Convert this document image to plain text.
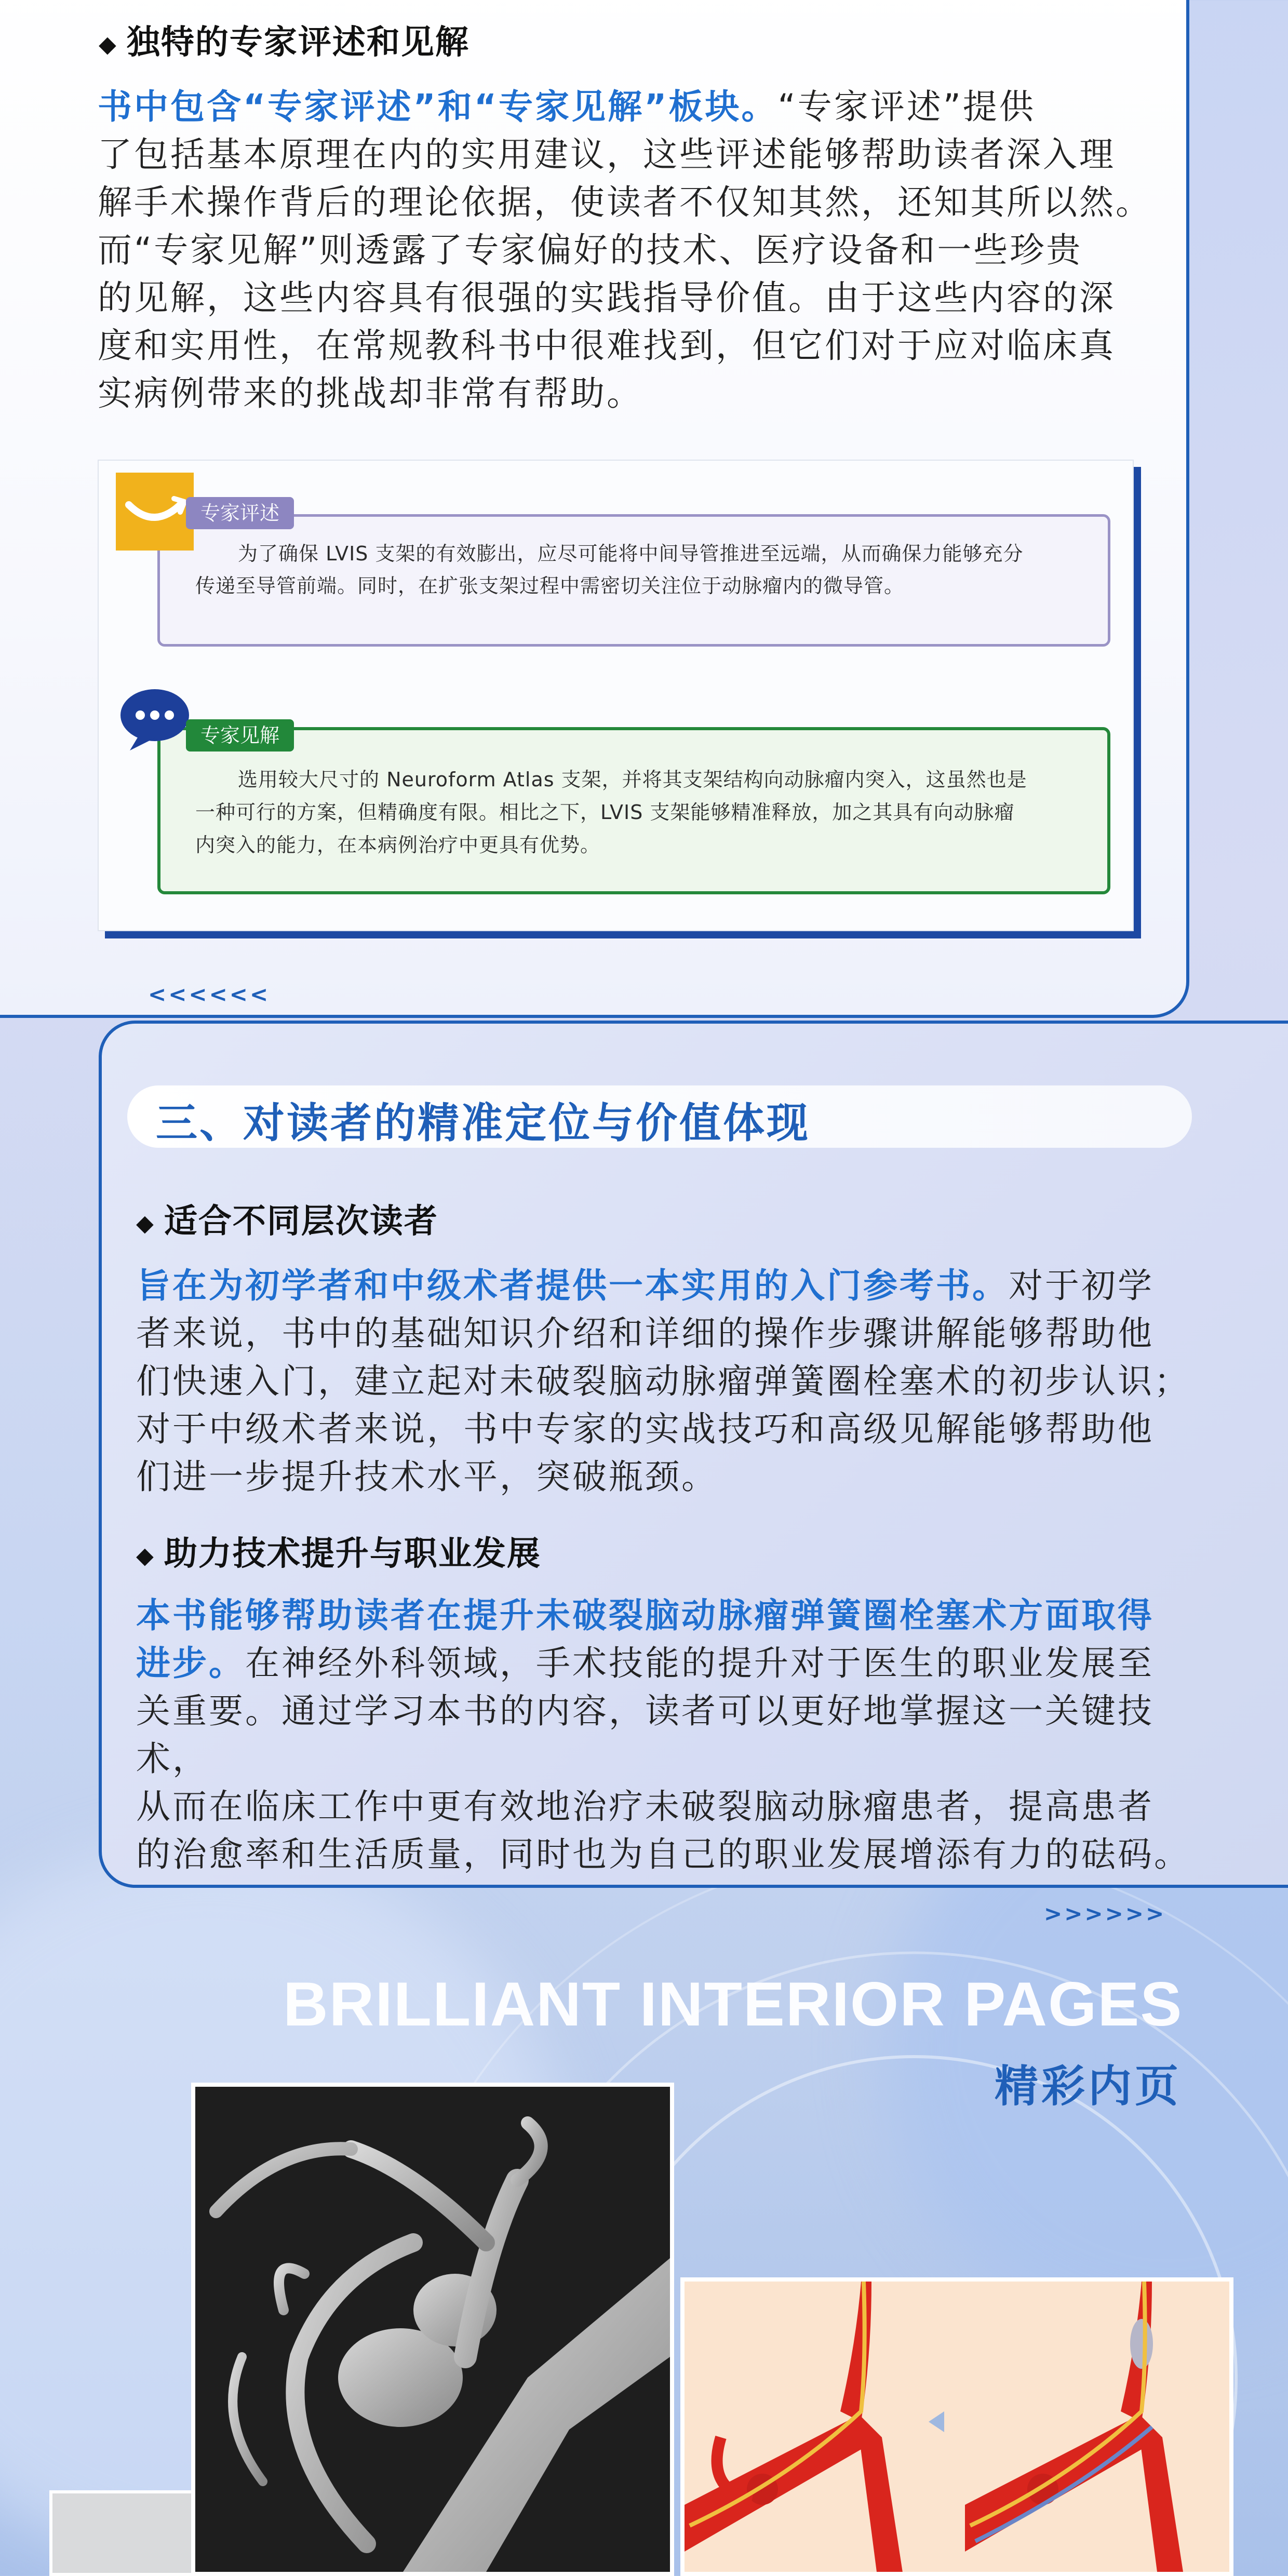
◆ 独特的专家评述和见解
书中包含“专家评述”和“专家见解”板块。“专家评述”提供
了包括基本原理在内的实用建议，这些评述能够帮助读者深入理
解手术操作背后的理论依据，使读者不仅知其然，还知其所以然。
而“专家见解”则透露了专家偏好的技术、医疗设备和一些珍贵
的见解，这些内容具有很强的实践指导价值。由于这些内容的深
度和实用性，在常规教科书中很难找到，但它们对于应对临床真
实病例带来的挑战却非常有帮助。
专家评述
为了确保 LVIS 支架的有效膨出，应尽可能将中间导管推进至远端，从而确保力能够充分
传递至导管前端。同时，在扩张支架过程中需密切关注位于动脉瘤内的微导管。
专家见解
选用较大尺寸的 Neuroform Atlas 支架，并将其支架结构向动脉瘤内突入，这虽然也是
一种可行的方案，但精确度有限。相比之下，LVIS 支架能够精准释放，加之其具有向动脉瘤
内突入的能力，在本病例治疗中更具有优势。
<<<<<<
三、对读者的精准定位与价值体现
◆ 适合不同层次读者
旨在为初学者和中级术者提供一本实用的入门参考书。对于初学
者来说，书中的基础知识介绍和详细的操作步骤讲解能够帮助他
们快速入门，建立起对未破裂脑动脉瘤弹簧圈栓塞术的初步认识；
对于中级术者来说，书中专家的实战技巧和高级见解能够帮助他
们进一步提升技术水平，突破瓶颈。
◆ 助力技术提升与职业发展
本书能够帮助读者在提升未破裂脑动脉瘤弹簧圈栓塞术方面取得
进步。在神经外科领域，手术技能的提升对于医生的职业发展至
关重要。通过学习本书的内容，读者可以更好地掌握这一关键技术，
从而在临床工作中更有效地治疗未破裂脑动脉瘤患者，提高患者
的治愈率和生活质量，同时也为自己的职业发展增添有力的砝码。
>>>>>>
BRILLIANT INTERIOR PAGES
精彩内页
